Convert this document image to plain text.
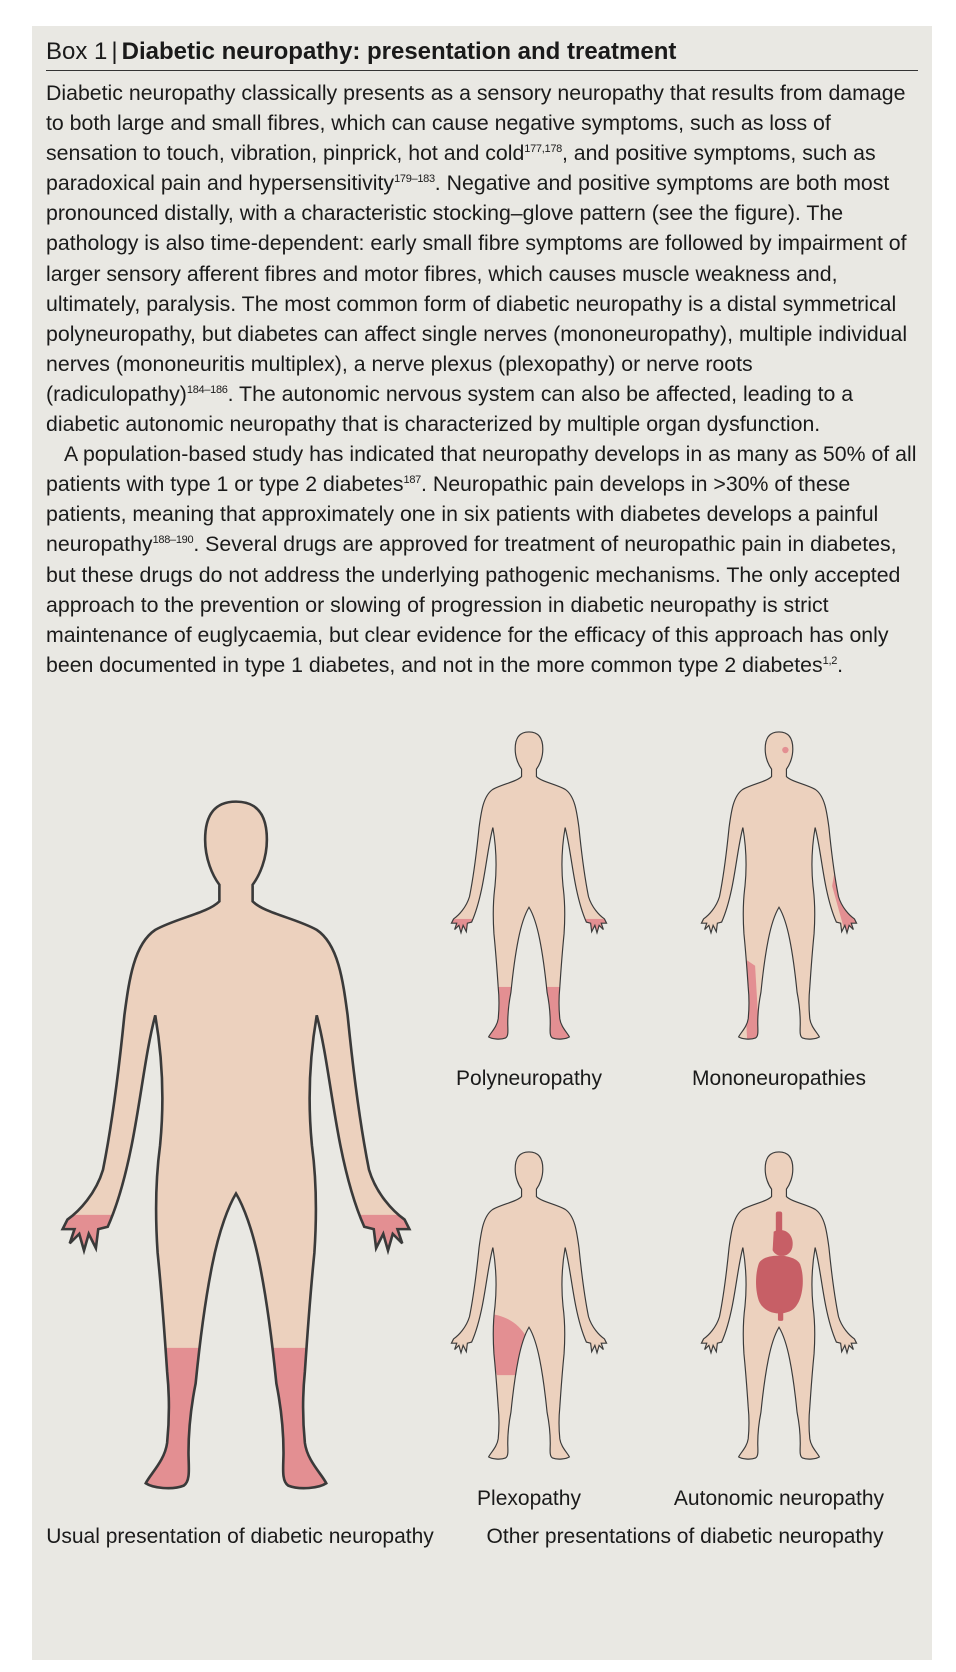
Box 1 | Diabetic neuropathy: presentation and treatment

Diabetic neuropathy classically presents as a sensory neuropathy that results from damage to both large and small fibres, which can cause negative symptoms, such as loss of sensation to touch, vibration, pinprick, hot and cold$^{177,178}$, and positive symptoms, such as paradoxical pain and hypersensitivity$^{179-183}$. Negative and positive symptoms are both most pronounced distally, with a characteristic stocking–glove pattern (see the figure). The pathology is also time-dependent: early small fibre symptoms are followed by impairment of larger sensory afferent fibres and motor fibres, which causes muscle weakness and, ultimately, paralysis. The most common form of diabetic neuropathy is a distal symmetrical polyneuropathy, but diabetes can affect single nerves (mononeuropathy), multiple individual nerves (mononeuritis multiplex), a nerve plexus (plexopathy) or nerve roots (radiculopathy)$^{184-186}$. The autonomic nervous system can also be affected, leading to a diabetic autonomic neuropathy that is characterized by multiple organ dysfunction.

A population-based study has indicated that neuropathy develops in as many as 50% of all patients with type 1 or type 2 diabetes$^{187}$. Neuropathic pain develops in >30% of these patients, meaning that approximately one in six patients with diabetes develops a painful neuropathy$^{188-190}$. Several drugs are approved for treatment of neuropathic pain in diabetes, but these drugs do not address the underlying pathogenic mechanisms. The only accepted approach to the prevention or slowing of progression in diabetic neuropathy is strict maintenance of euglycaemia, but clear evidence for the efficacy of this approach has only been documented in type 1 diabetes, and not in the more common type 2 diabetes$^{1,2}$.

Polyneuropathy	Mononeuropathies
Plexopathy	Autonomic neuropathy
Usual presentation of diabetic neuropathy	Other presentations of diabetic neuropathy
